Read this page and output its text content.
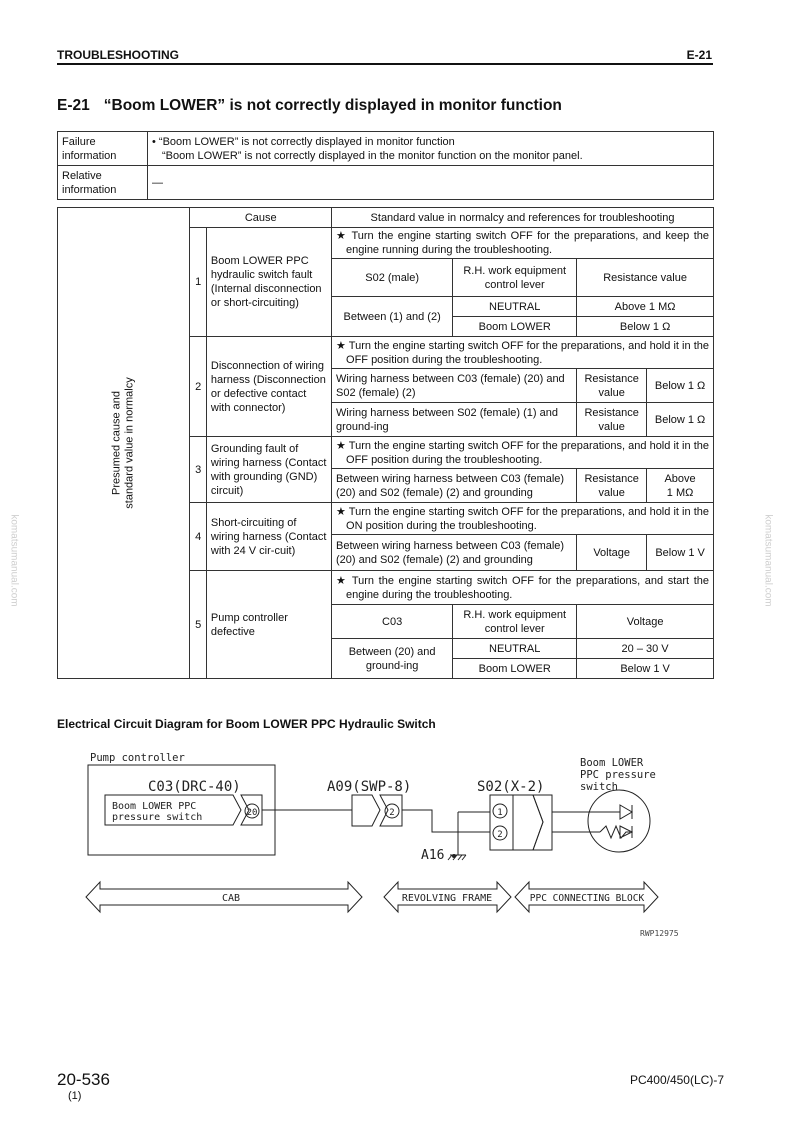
TROUBLESHOOTING	E-21
E-21 “Boom LOWER” is not correctly displayed in monitor function
Failure
information	• “Boom LOWER” is not correctly displayed in monitor function
“Boom LOWER” is not correctly displayed in the monitor function on the monitor panel.

Relative
information	—
Presumed cause and standard value in normalcy	Cause		Standard value in normalcy and references for troubleshooting			
	1	Boom LOWER PPC hydraulic switch fault (Internal disconnection or short-circuiting)	★ Turn the engine starting switch OFF for the preparations, and keep the engine running during the troubleshooting.			
			S02 (male)	R.H. work equipment control lever	Resistance value	
			Between (1) and (2)	NEUTRAL	Above 1 MΩ	
				Boom LOWER	Below 1 Ω	
	2	Disconnection of wiring harness (Disconnection or defective contact with connector)	★ Turn the engine starting switch OFF for the preparations, and hold it in the OFF position during the troubleshooting.			
			Wiring harness between C03 (female) (20) and S02 (female) (2)		Resistance value	Below 1 Ω
			Wiring harness between S02 (female) (1) and ground-ing		Resistance value	Below 1 Ω
	3	Grounding fault of wiring harness (Contact with grounding (GND) circuit)	★ Turn the engine starting switch OFF for the preparations, and hold it in the OFF position during the troubleshooting.			
			Between wiring harness between C03 (female) (20) and S02 (female) (2) and grounding		Resistance value	Above
1 MΩ

	4	Short-circuiting of wiring harness (Contact with 24 V cir-cuit)	★ Turn the engine starting switch OFF for the preparations, and hold it in the ON position during the troubleshooting.			
			Between wiring harness between C03 (female) (20) and S02 (female) (2) and grounding		Voltage	Below 1 V
	5	Pump controller defective	★ Turn the engine starting switch OFF for the preparations, and start the engine during the troubleshooting.			
			C03	R.H. work equipment control lever	Voltage	
			Between (20) and ground-ing	NEUTRAL	20 – 30 V	
				Boom LOWER	Below 1 V	
Electrical Circuit Diagram for Boom LOWER PPC Hydraulic Switch
Pump controller
C03(DRC-40)	A09(SWP-8)	S02(X-2)
Boom LOWER PPC
pressure switch	20	2	1
2
Boom LOWER
PPC pressure
switch
A16
CAB	REVOLVING FRAME	PPC CONNECTING BLOCK
RWP12975
komatsumanual.com	komatsumanual.com
20-536
(1)
PC400/450(LC)-7
